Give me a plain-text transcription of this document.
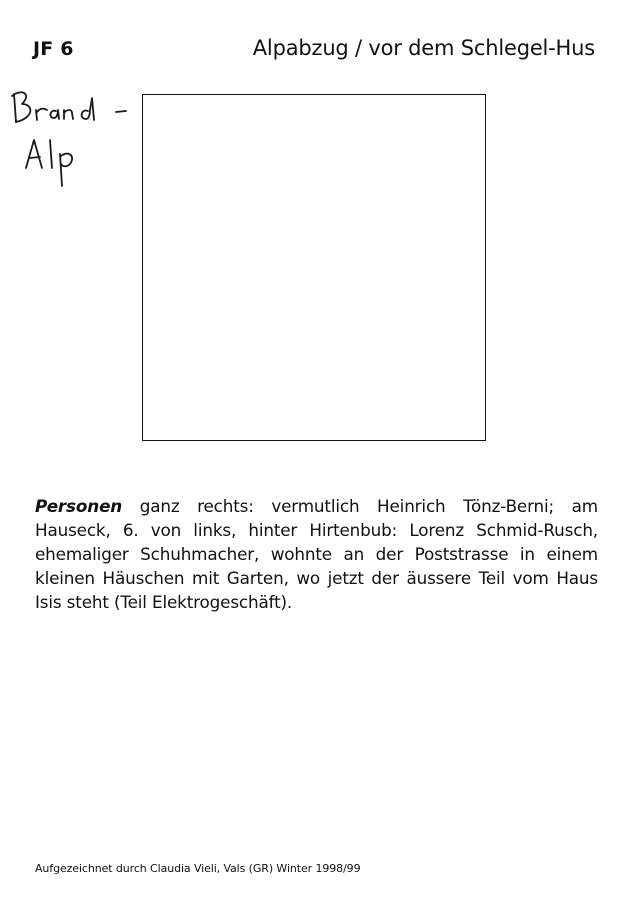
JF 6	Alpabzug / vor dem Schlegel-Hus

Personen ganz rechts: vermutlich Heinrich Tönz-Berni; am Hauseck, 6. von links, hinter Hirtenbub: Lorenz Schmid-Rusch, ehemaliger Schuhmacher, wohnte an der Poststrasse in einem kleinen Häuschen mit Garten, wo jetzt der äussere Teil vom Haus Isis steht (Teil Elektrogeschäft).

Aufgezeichnet durch Claudia Vieli, Vals (GR) Winter 1998/99
